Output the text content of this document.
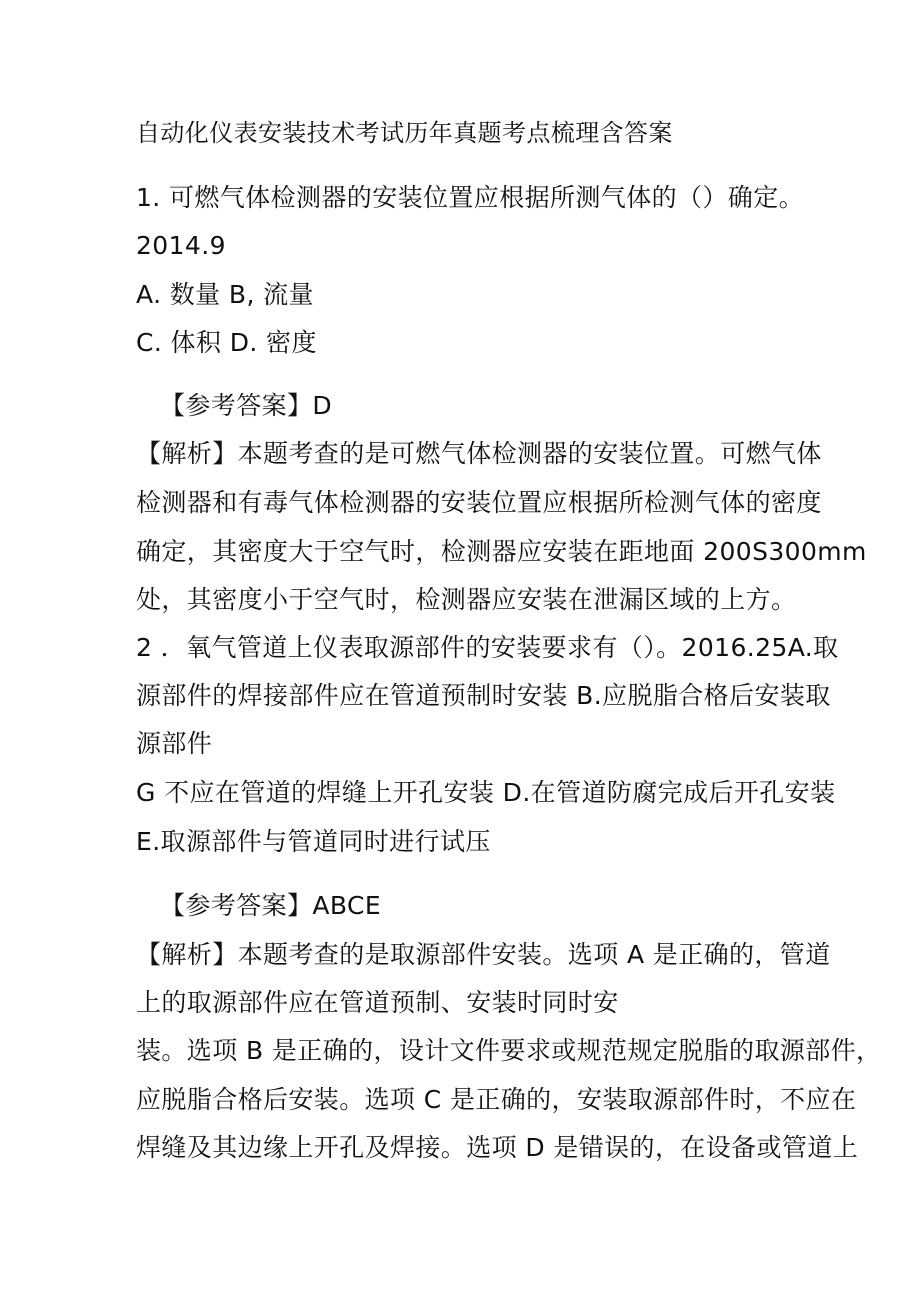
自动化仪表安装技术考试历年真题考点梳理含答案
1. 可燃气体检测器的安装位置应根据所测气体的（）确定。
2014.9
A. 数量 B, 流量
C. 体积 D. 密度
【参考答案】D
【解析】本题考查的是可燃气体检测器的安装位置。可燃气体
检测器和有毒气体检测器的安装位置应根据所检测气体的密度
确定，其密度大于空气时，检测器应安装在距地面 200S300mm
处，其密度小于空气时，检测器应安装在泄漏区域的上方。
2 ．氧气管道上仪表取源部件的安装要求有（）。2016.25A.取
源部件的焊接部件应在管道预制时安装 B.应脱脂合格后安装取
源部件
G 不应在管道的焊缝上开孔安装 D.在管道防腐完成后开孔安装
E.取源部件与管道同时进行试压
【参考答案】ABCE
【解析】本题考查的是取源部件安装。选项 A 是正确的，管道
上的取源部件应在管道预制、安装时同时安
装。选项 B 是正确的，设计文件要求或规范规定脱脂的取源部件，
应脱脂合格后安装。选项 C 是正确的，安装取源部件时，不应在
焊缝及其边缘上开孔及焊接。选项 D 是错误的，在设备或管道上
